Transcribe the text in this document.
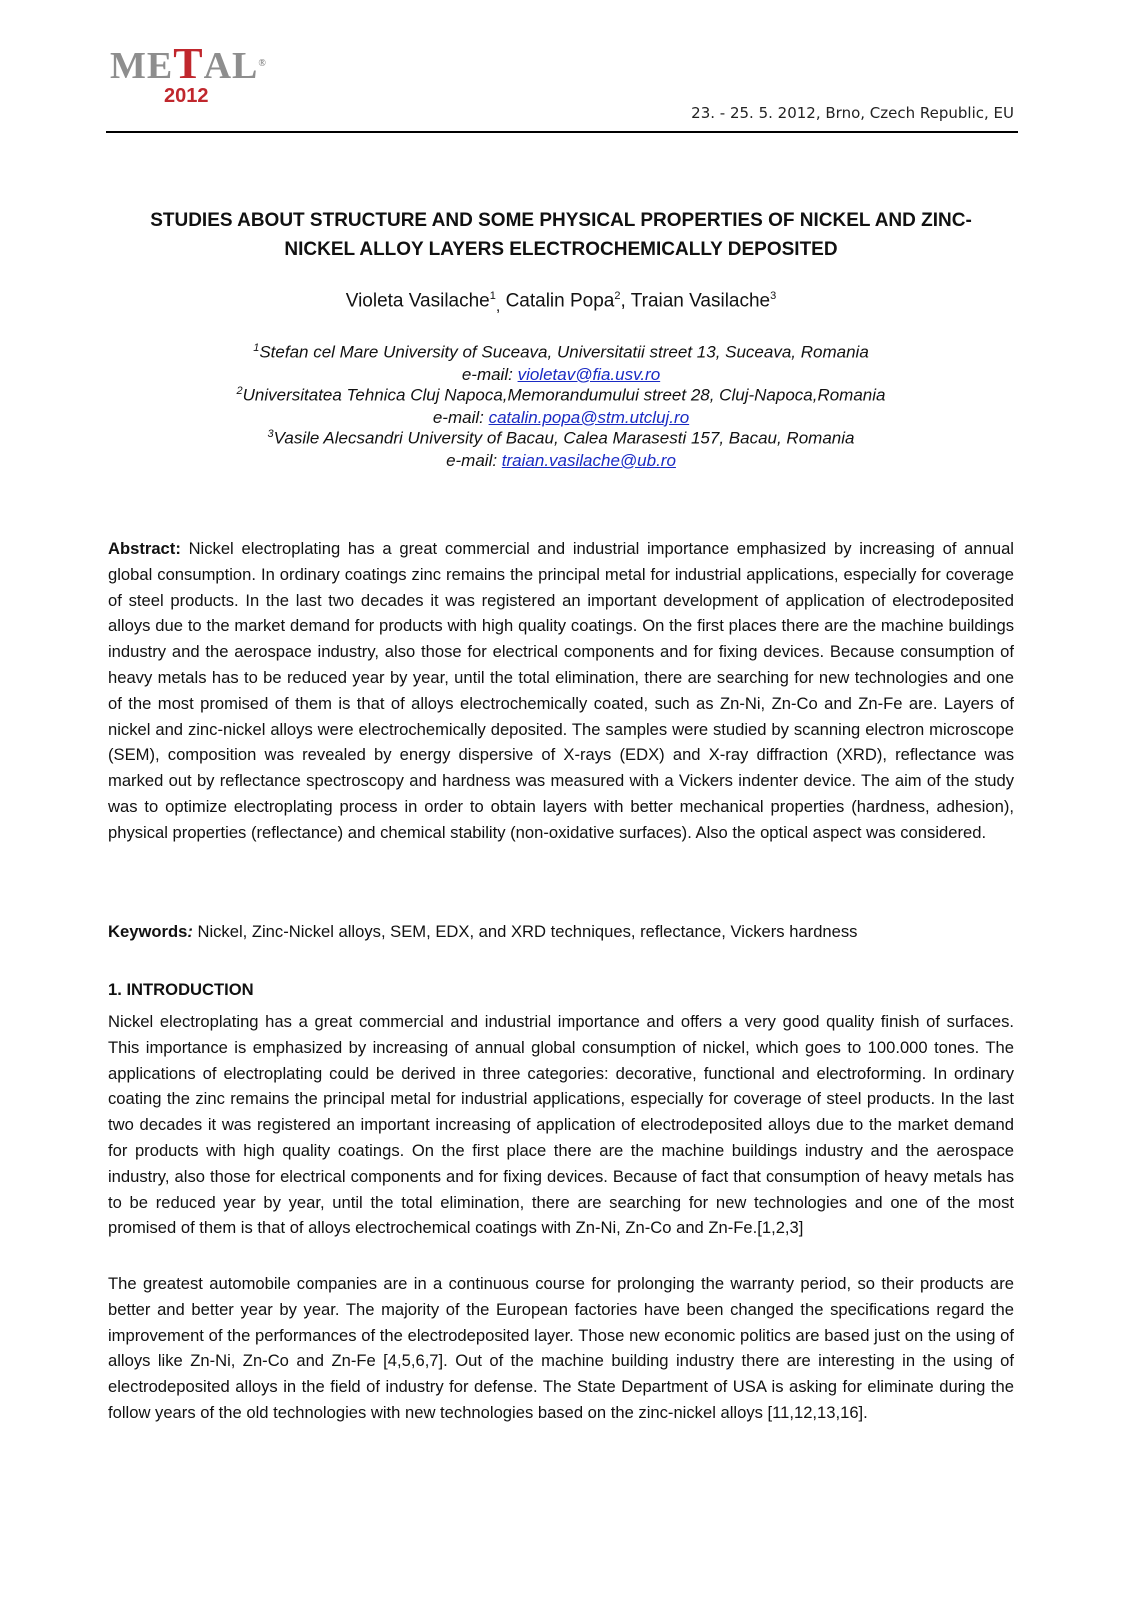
METAL®
2012
23. - 25. 5. 2012, Brno, Czech Republic, EU
STUDIES ABOUT STRUCTURE AND SOME PHYSICAL PROPERTIES OF NICKEL AND ZINC-
NICKEL ALLOY LAYERS ELECTROCHEMICALLY DEPOSITED
Violeta Vasilache$^1_,$ Catalin Popa$^2$, Traian Vasilache$^3$
$^1$Stefan cel Mare University of Suceava, Universitatii street 13, Suceava, Romania
e-mail: violetav@fia.usv.ro
$^2$Universitatea Tehnica Cluj Napoca,Memorandumului street 28, Cluj-Napoca,Romania
e-mail: catalin.popa@stm.utcluj.ro
$^3$Vasile Alecsandri University of Bacau, Calea Marasesti 157, Bacau, Romania
e-mail: traian.vasilache@ub.ro
Abstract: Nickel electroplating has a great commercial and industrial importance emphasized by increasing of annual global consumption. In ordinary coatings zinc remains the principal metal for industrial applications, especially for coverage of steel products. In the last two decades it was registered an important development of application of electrodeposited alloys due to the market demand for products with high quality coatings. On the first places there are the machine buildings industry and the aerospace industry, also those for electrical components and for fixing devices. Because consumption of heavy metals has to be reduced year by year, until the total elimination, there are searching for new technologies and one of the most promised of them is that of alloys electrochemically coated, such as Zn-Ni, Zn-Co and Zn-Fe are. Layers of nickel and zinc-nickel alloys were electrochemically deposited. The samples were studied by scanning electron microscope (SEM), composition was revealed by energy dispersive of X-rays (EDX) and X-ray diffraction (XRD), reflectance was marked out by reflectance spectroscopy and hardness was measured with a Vickers indenter device. The aim of the study was to optimize electroplating process in order to obtain layers with better mechanical properties (hardness, adhesion), physical properties (reflectance) and chemical stability (non-oxidative surfaces). Also the optical aspect was considered.
Keywords: Nickel, Zinc-Nickel alloys, SEM, EDX, and XRD techniques, reflectance, Vickers hardness
1. INTRODUCTION
Nickel electroplating has a great commercial and industrial importance and offers a very good quality finish of surfaces. This importance is emphasized by increasing of annual global consumption of nickel, which goes to 100.000 tones. The applications of electroplating could be derived in three categories: decorative, functional and electroforming. In ordinary coating the zinc remains the principal metal for industrial applications, especially for coverage of steel products. In the last two decades it was registered an important increasing of application of electrodeposited alloys due to the market demand for products with high quality coatings. On the first place there are the machine buildings industry and the aerospace industry, also those for electrical components and for fixing devices. Because of fact that consumption of heavy metals has to be reduced year by year, until the total elimination, there are searching for new technologies and one of the most promised of them is that of alloys electrochemical coatings with Zn-Ni, Zn-Co and Zn-Fe.[1,2,3]
The greatest automobile companies are in a continuous course for prolonging the warranty period, so their products are better and better year by year. The majority of the European factories have been changed the specifications regard the improvement of the performances of the electrodeposited layer. Those new economic politics are based just on the using of alloys like Zn-Ni, Zn-Co and Zn-Fe [4,5,6,7]. Out of the machine building industry there are interesting in the using of electrodeposited alloys in the field of industry for defense. The State Department of USA is asking for eliminate during the follow years of the old technologies with new technologies based on the zinc-nickel alloys [11,12,13,16].
